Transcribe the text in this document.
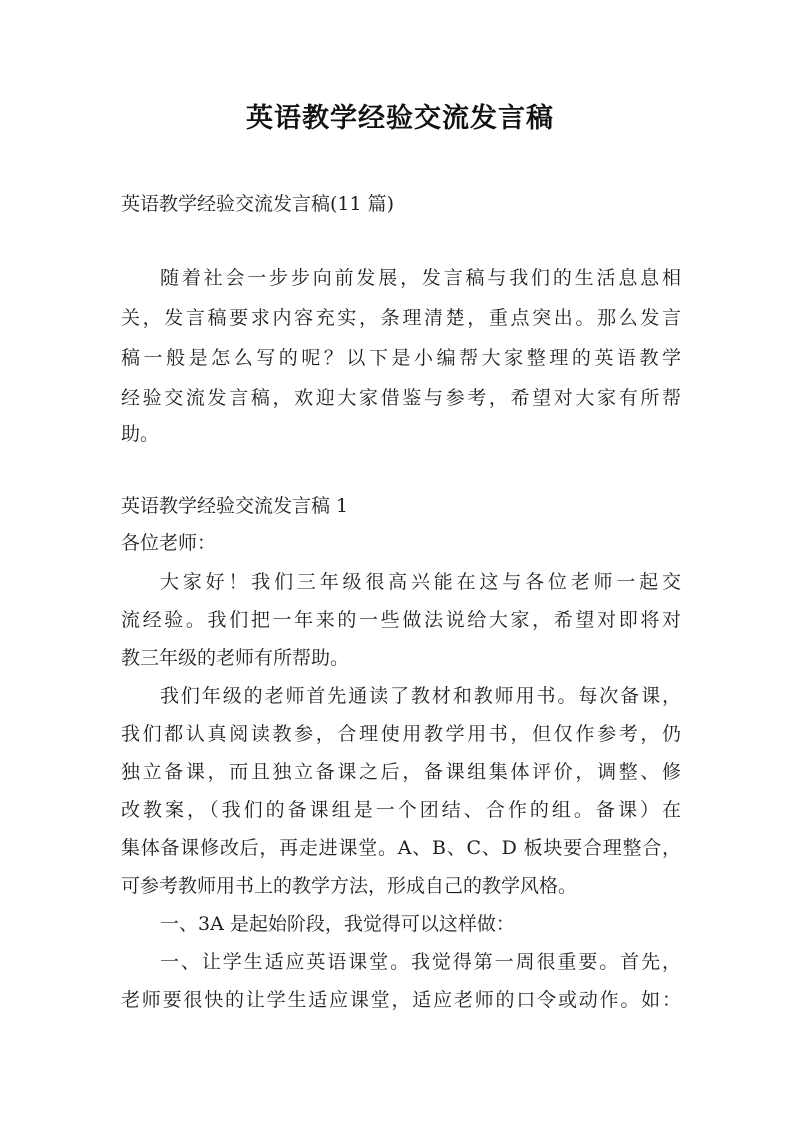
英语教学经验交流发言稿
英语教学经验交流发言稿(11 篇)
随着社会一步步向前发展，发言稿与我们的生活息息相
关，发言稿要求内容充实，条理清楚，重点突出。那么发言
稿一般是怎么写的呢？以下是小编帮大家整理的英语教学
经验交流发言稿，欢迎大家借鉴与参考，希望对大家有所帮
助。
英语教学经验交流发言稿 1
各位老师：
大家好！我们三年级很高兴能在这与各位老师一起交
流经验。我们把一年来的一些做法说给大家，希望对即将对
教三年级的老师有所帮助。
我们年级的老师首先通读了教材和教师用书。每次备课，
我们都认真阅读教参，合理使用教学用书，但仅作参考，仍
独立备课，而且独立备课之后，备课组集体评价，调整、修
改教案，（我们的备课组是一个团结、合作的组。备课）在
集体备课修改后，再走进课堂。A、B、C、D 板块要合理整合，
可参考教师用书上的教学方法，形成自己的教学风格。
一、3A 是起始阶段，我觉得可以这样做：
一、让学生适应英语课堂。我觉得第一周很重要。首先，
老师要很快的让学生适应课堂，适应老师的口令或动作。如：
